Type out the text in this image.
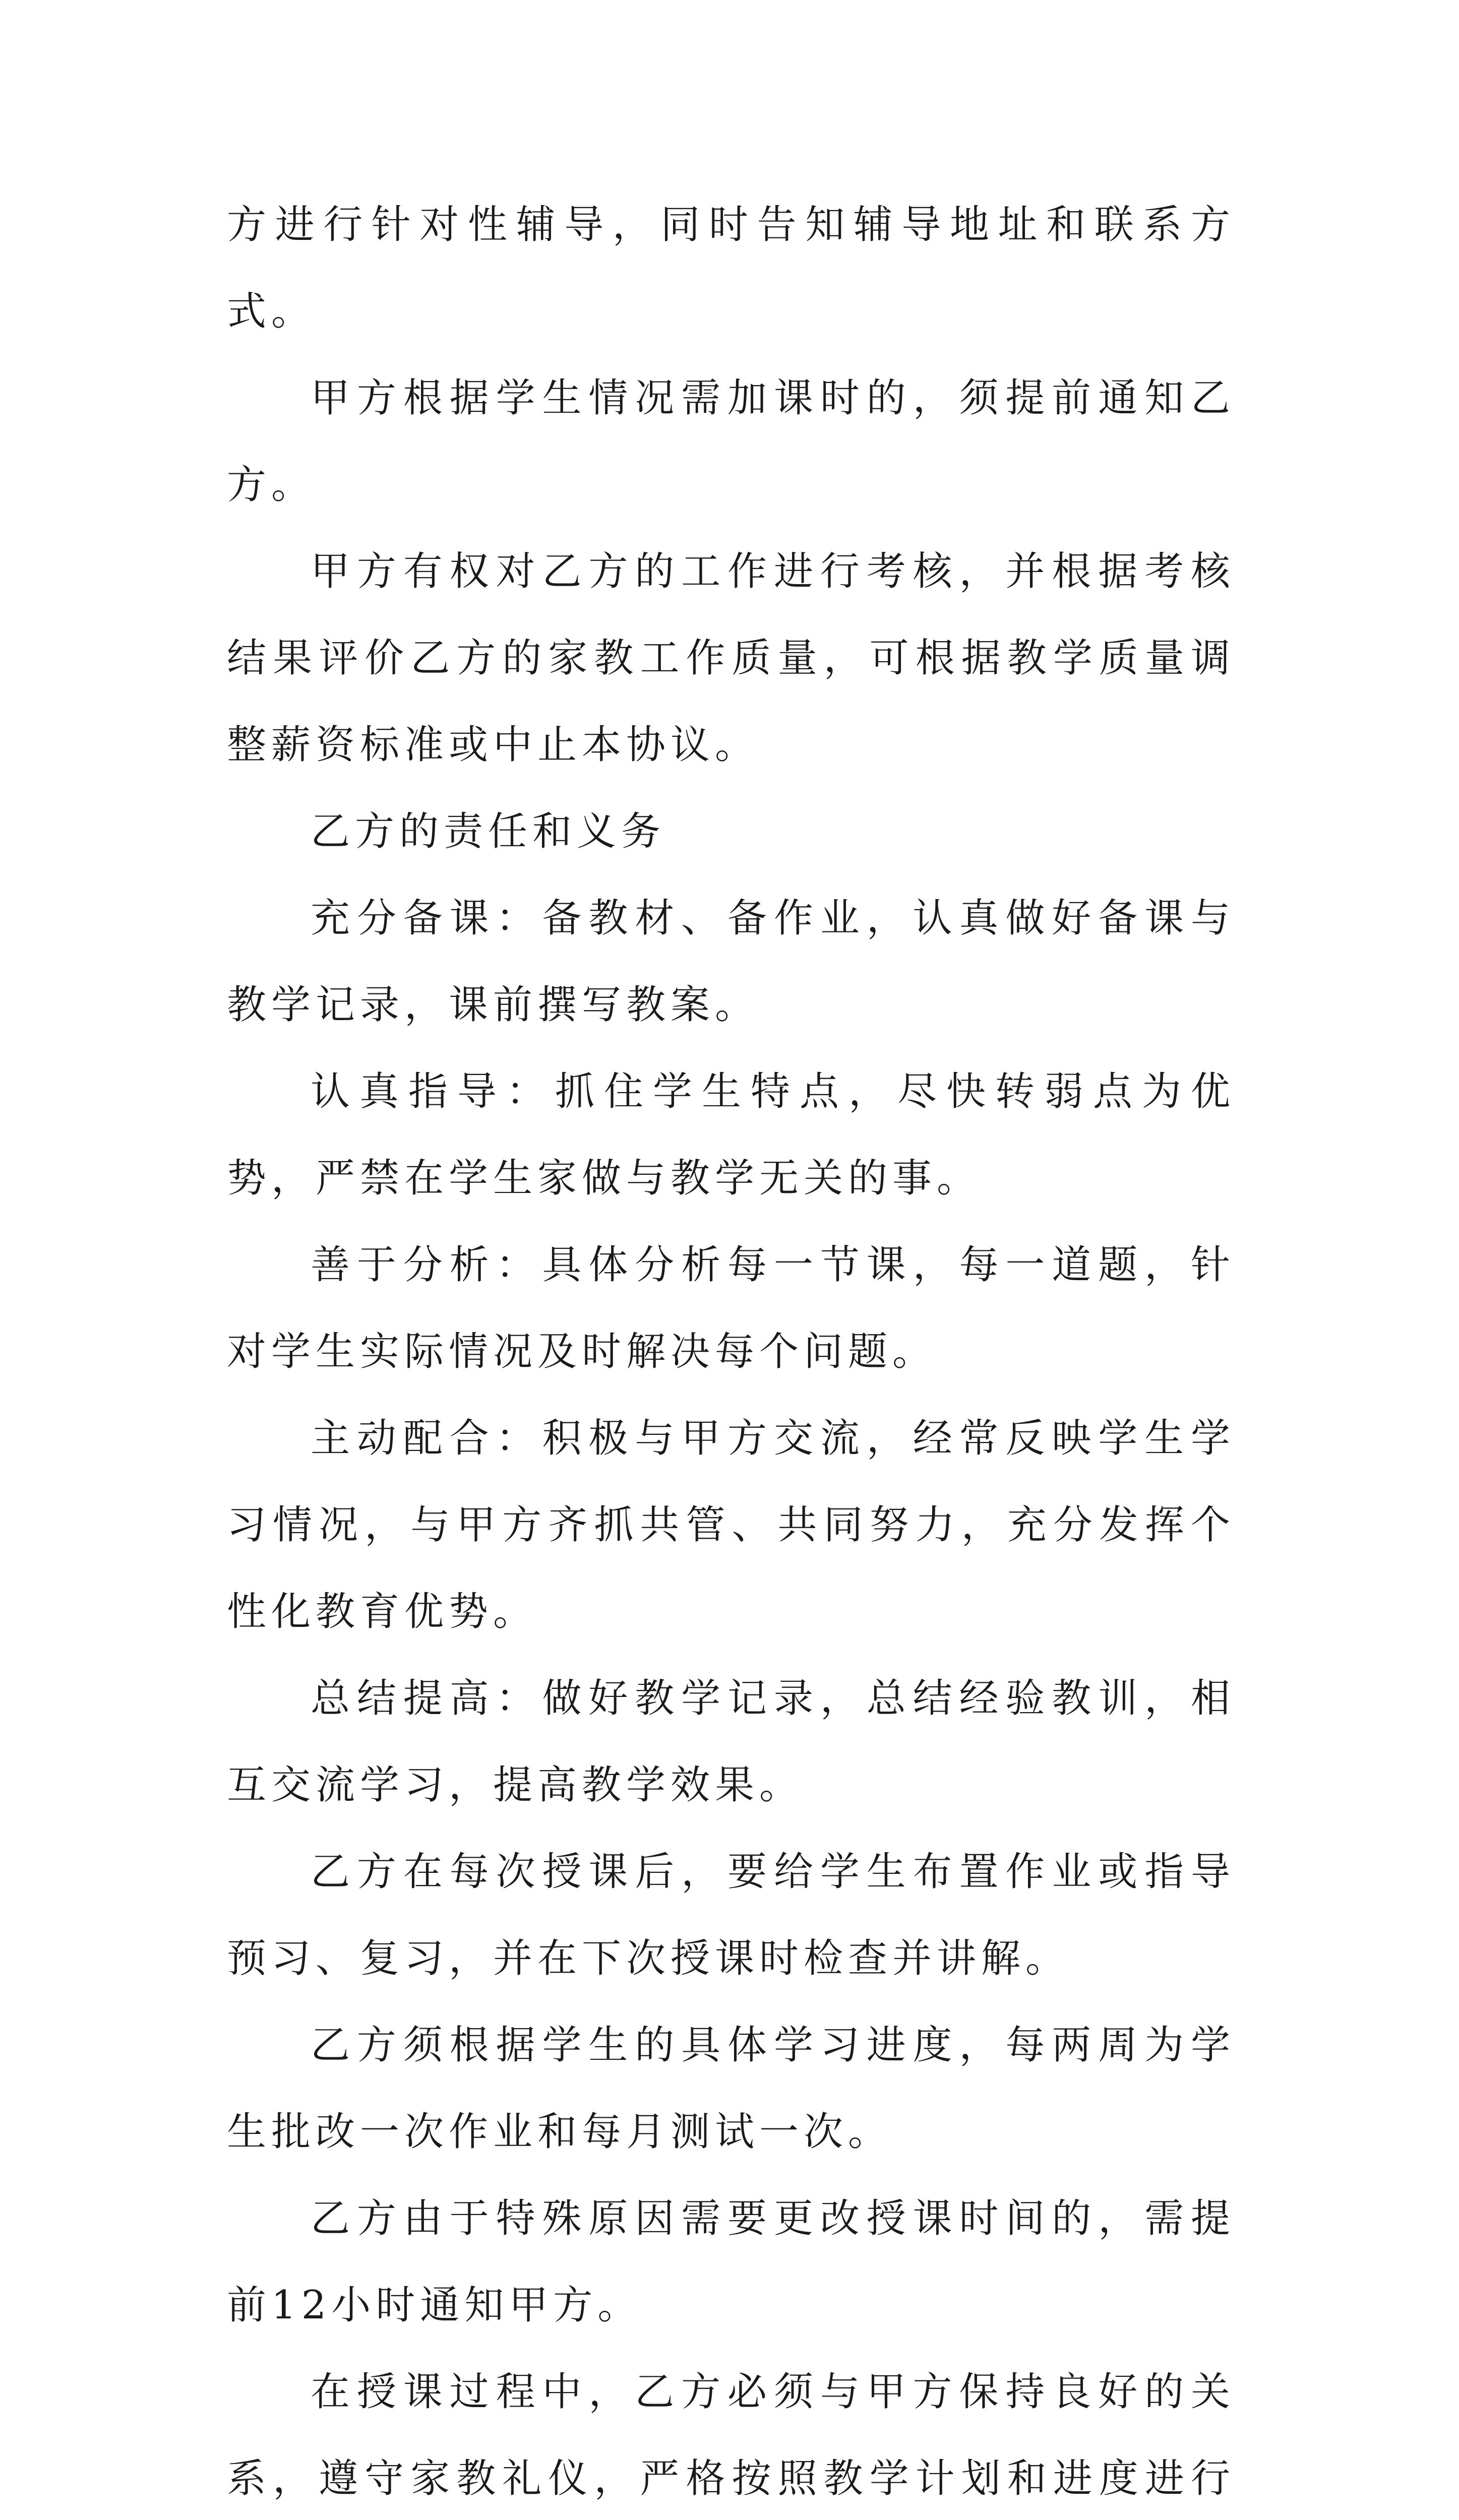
方进行针对性辅导，同时告知辅导地址和联系方式。

甲方根据学生情况需加课时的，须提前通知乙方。

甲方有权对乙方的工作进行考核，并根据考核结果评价乙方的家教工作质量，可根据教学质量调整薪资标准或中止本协议。

乙方的责任和义务

充分备课：备教材、备作业，认真做好备课与教学记录，课前撰写教案。

认真指导：抓住学生特点，尽快转弱点为优势，严禁在学生家做与教学无关的事。

善于分析：具体分析每一节课，每一道题，针对学生实际情况及时解决每个问题。

主动配合：积极与甲方交流，经常反映学生学习情况，与甲方齐抓共管、共同努力，充分发挥个性化教育优势。

总结提高：做好教学记录，总结经验教训，相互交流学习，提高教学效果。

乙方在每次授课后，要给学生布置作业或指导预习、复习，并在下次授课时检查并讲解。

乙方须根据学生的具体学习进度，每两周为学生批改一次作业和每月测试一次。

乙方由于特殊原因需要更改授课时间的，需提前12小时通知甲方。

在授课过程中，乙方必须与甲方保持良好的关系，遵守家教礼仪，严格按照教学计划和进度进行
